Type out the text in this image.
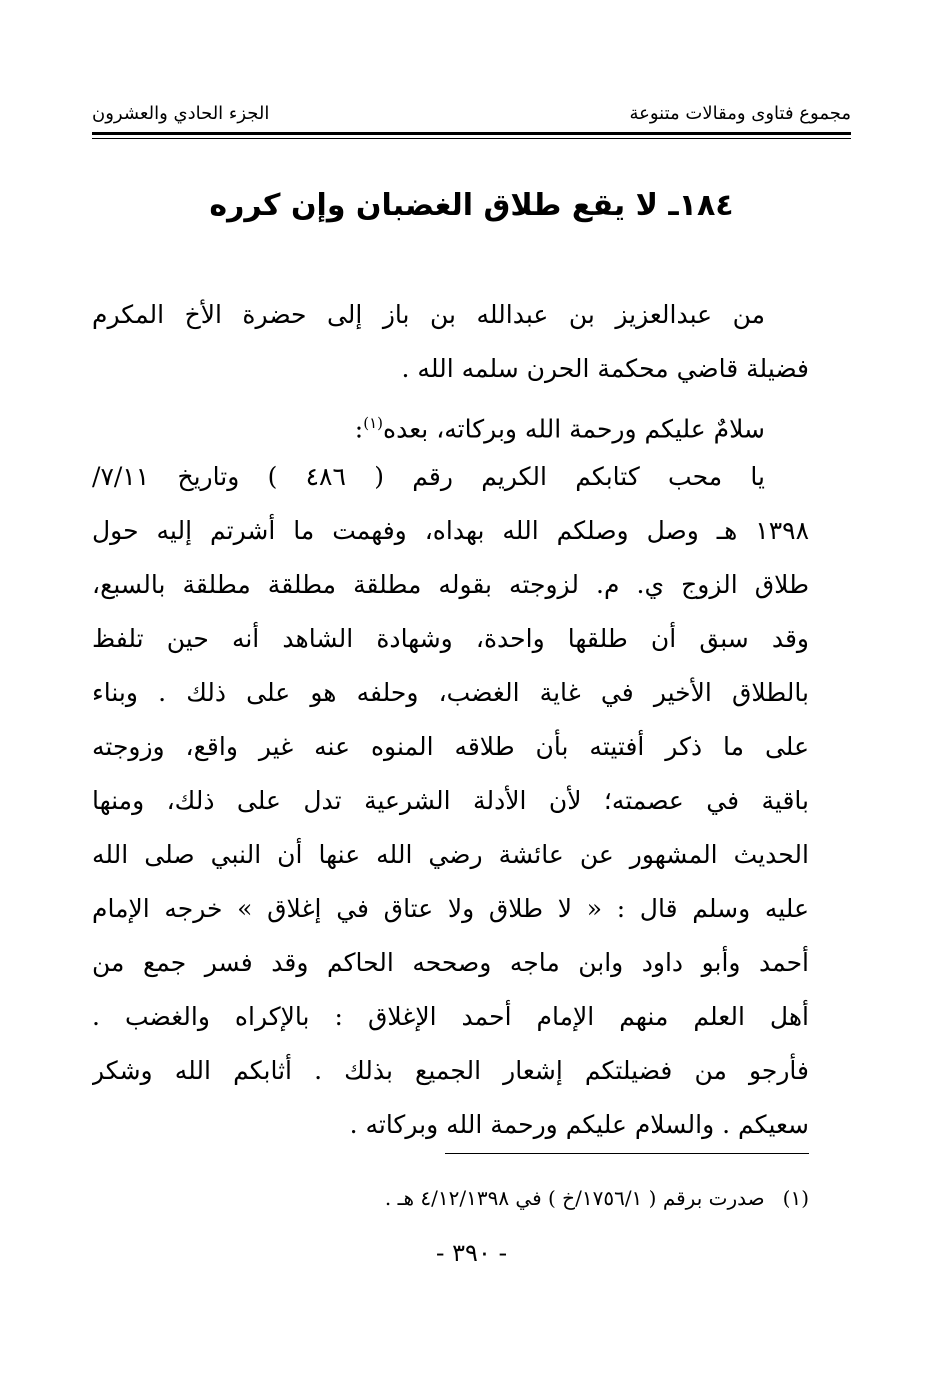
مجموع فتاوى ومقالات متنوعة
الجزء الحادي والعشرون
١٨٤ـ لا يقع طلاق الغضبان وإن كرره
من عبدالعزيز بن عبدالله بن باز إلى حضرة الأخ المكرم
فضيلة قاضي محكمة الحرن سلمه الله .
سلامٌ عليكم ورحمة الله وبركاته، بعده$^{(١)}$:
يا محب كتابكم الكريم رقم ( ٤٨٦ ) وتاريخ ٧/١١/
١٣٩٨ هـ وصل وصلكم الله بهداه، وفهمت ما أشرتم إليه حول
طلاق الزوج ي. م. لزوجته بقوله مطلقة مطلقة مطلقة بالسبع،
وقد سبق أن طلقها واحدة، وشهادة الشاهد أنه حين تلفظ
بالطلاق الأخير في غاية الغضب، وحلفه هو على ذلك . وبناء
على ما ذكر أفتيته بأن طلاقه المنوه عنه غير واقع، وزوجته
باقية في عصمته؛ لأن الأدلة الشرعية تدل على ذلك، ومنها
الحديث المشهور عن عائشة رضي الله عنها أن النبي صلى الله
عليه وسلم قال : « لا طلاق ولا عتاق في إغلاق » خرجه الإمام
أحمد وأبو داود وابن ماجه وصححه الحاكم وقد فسر جمع من
أهل العلم منهم الإمام أحمد الإغلاق : بالإكراه والغضب .
فأرجو من فضيلتكم إشعار الجميع بذلك . أثابكم الله وشكر
سعيكم . والسلام عليكم ورحمة الله وبركاته .
(١)صدرت برقم ( ١٧٥٦/١/خ ) في ٤/١٢/١٣٩٨ هـ .
- ٣٩٠ -
